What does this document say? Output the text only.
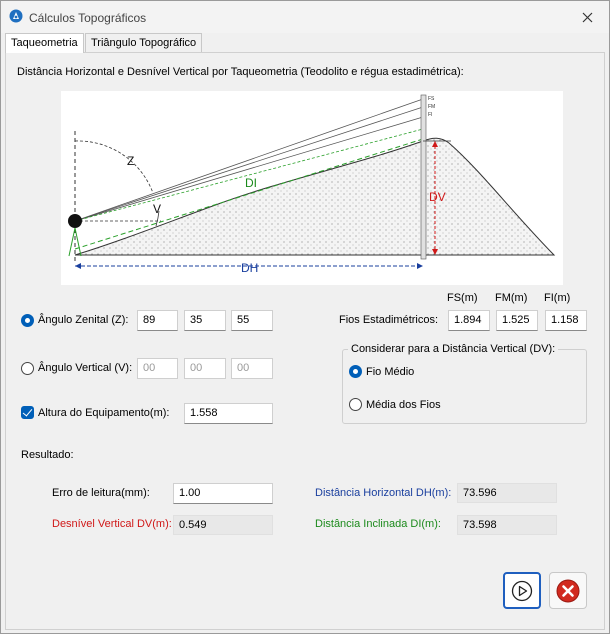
Cálculos Topográficos
Taqueometria	Triângulo Topográfico
Distância Horizontal e Desnível Vertical por Taqueometria (Teodolito e régua estadimétrica):
Z
V
DI
DV
DH
FS
FM
FI
FS(m) FM(m) FI(m)
Ângulo Zenital (Z):	89	35	55	Fios Estadimétricos:	1.894	1.525	1.158
Considerar para a Distância Vertical (DV):
Fio Médio
Média dos Fios
Ângulo Vertical (V): 00	00	00
Altura do Equipamento(m):	1.558
Resultado:
Erro de leitura(mm):	1.00
Desnível Vertical DV(m): 0.549
Distância Horizontal DH(m):	73.596
Distância Inclinada DI(m):	73.598
